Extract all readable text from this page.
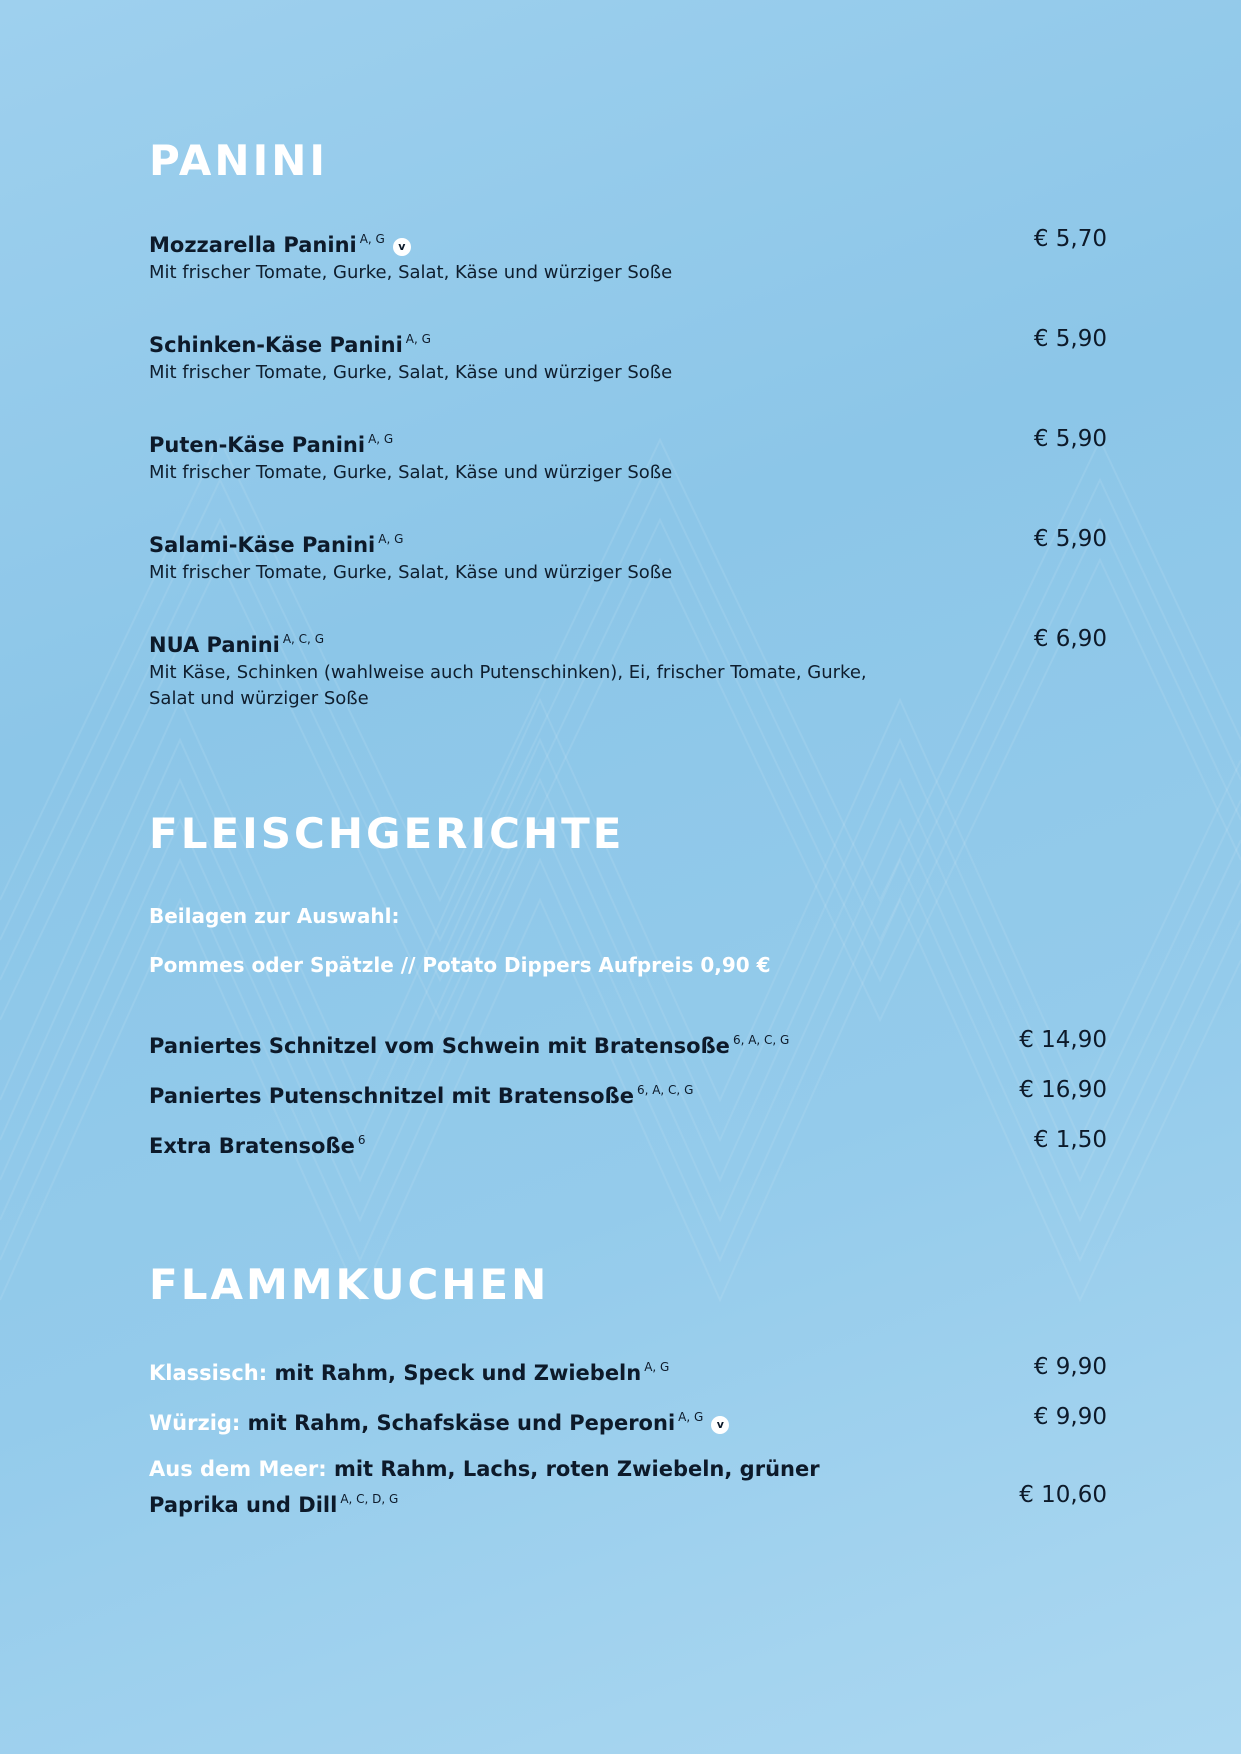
PANINI
Mozzarella Panini $^{A, G}$v
Mit frischer Tomate, Gurke, Salat, Käse und würziger Soße
€ 5,70
Schinken-Käse Panini $^{A, G}$
Mit frischer Tomate, Gurke, Salat, Käse und würziger Soße
€ 5,90
Puten-Käse Panini $^{A, G}$
Mit frischer Tomate, Gurke, Salat, Käse und würziger Soße
€ 5,90
Salami-Käse Panini $^{A, G}$
Mit frischer Tomate, Gurke, Salat, Käse und würziger Soße
€ 5,90
NUA Panini $^{A, C, G}$
Mit Käse, Schinken (wahlweise auch Putenschinken), Ei, frischer Tomate, Gurke, Salat und würziger Soße
€ 6,90
FLEISCHGERICHTE

Beilagen zur Auswahl:

Pommes oder Spätzle // Potato Dippers Aufpreis 0,90 €

Paniertes Schnitzel vom Schwein mit Bratensoße $^{6, A, C, G}$	€ 14,90
Paniertes Putenschnitzel mit Bratensoße $^{6, A, C, G}$	€ 16,90
Extra Bratensoße $^6$	€ 1,50
FLAMMKUCHEN
Klassisch: mit Rahm, Speck und Zwiebeln $^{A, G}$	€ 9,90
Würzig: mit Rahm, Schafskäse und Peperoni $^{A, G}$v	€ 9,90
Aus dem Meer: mit Rahm, Lachs, roten Zwiebeln, grüner Paprika und Dill $^{A, C, D, G}$	€ 10,60
